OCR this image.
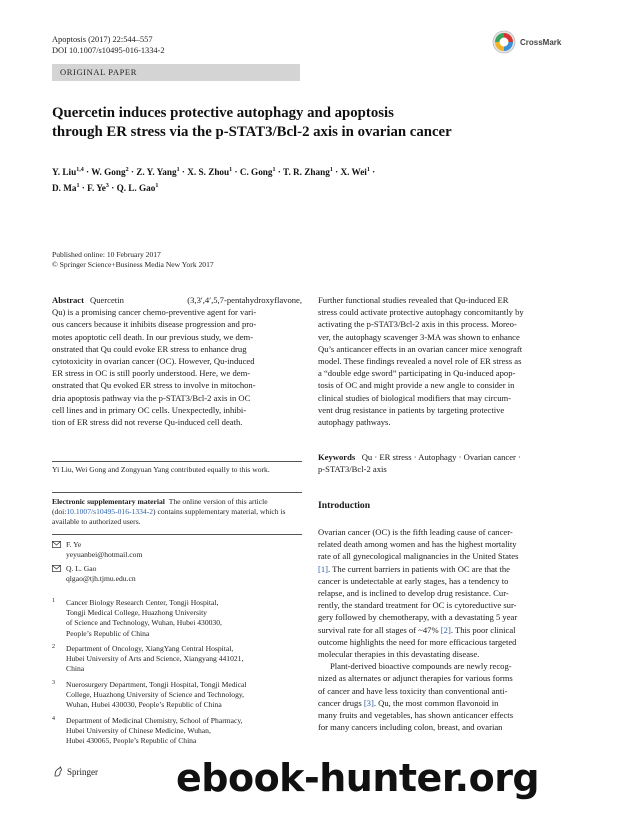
Apoptosis (2017) 22:544–557
DOI 10.1007/s10495-016-1334-2
CrossMark
ORIGINAL PAPER
Quercetin induces protective autophagy and apoptosis
through ER stress via the p-STAT3/Bcl-2 axis in ovarian cancer
Y. Liu$^{1,4}$ · W. Gong$^2$ · Z. Y. Yang$^1$ · X. S. Zhou$^1$ · C. Gong$^1$ · T. R. Zhang$^1$ · X. Wei$^1$ ·
D. $Ma^1 \cdot F$. $Ye^3 \cdot Q$. L. Gao$^1$
Published online: 10 February 2017
© Springer Science+Business Media New York 2017
Abstract Quercetin	(3,3′,4′,5,7-pentahydroxyflavone,
Qu) is a promising cancer chemo-preventive agent for vari-
ous cancers because it inhibits disease progression and pro-
motes apoptotic cell death. In our previous study, we dem-
onstrated that Qu could evoke ER stress to enhance drug
cytotoxicity in ovarian cancer (OC). However, Qu-induced
ER stress in OC is still poorly understood. Here, we dem-
onstrated that Qu evoked ER stress to involve in mitochon-
dria apoptosis pathway via the p-STAT3/Bcl-2 axis in OC
cell lines and in primary OC cells. Unexpectedly, inhibi-
tion of ER stress did not reverse Qu-induced cell death.
Further functional studies revealed that Qu-induced ER
stress could activate protective autophagy concomitantly by
activating the p-STAT3/Bcl-2 axis in this process. Moreo-
ver, the autophagy scavenger 3-MA was shown to enhance
Qu’s anticancer effects in an ovarian cancer mice xenograft
model. These findings revealed a novel role of ER stress as
a “double edge sword” participating in Qu-induced apop-
tosis of OC and might provide a new angle to consider in
clinical studies of biological modifiers that may circum-
vent drug resistance in patients by targeting protective
autophagy pathways.
Keywords Qu · ER stress · Autophagy · Ovarian cancer ·
p-STAT3/Bcl-2 axis
Introduction
Ovarian cancer (OC) is the fifth leading cause of cancer-
related death among women and has the highest mortality
rate of all gynecological malignancies in the United States
[1]. The current barriers in patients with OC are that the
cancer is undetectable at early stages, has a tendency to
relapse, and is inclined to develop drug resistance. Cur-
rently, the standard treatment for OC is cytoreductive sur-
gery followed by chemotherapy, with a devastating 5 year
survival rate for all stages of ~47% [2]. This poor clinical
outcome highlights the need for more efficacious targeted
molecular therapies in this devastating disease.
Plant-derived bioactive compounds are newly recog-
nized as alternates or adjunct therapies for various forms
of cancer and have less toxicity than conventional anti-
cancer drugs [3]. Qu, the most common flavonoid in
many fruits and vegetables, has shown anticancer effects
for many cancers including colon, breast, and ovarian
Yi Liu, Wei Gong and Zongyuan Yang contributed equally to this work.
Electronic supplementary material The online version of this article (doi:10.1007/s10495-016-1334-2) contains supplementary material, which is available to authorized users.
F. Ye
yeyuanbei@hotmail.com
Q. L. Gao
qlgao@tjh.tjmu.edu.cn
1 Cancer Biology Research Center, Tongji Hospital,
Tongji Medical College, Huazhong University
of Science and Technology, Wuhan, Hubei 430030,
People’s Republic of China
2 Department of Oncology, XiangYang Central Hospital,
Hubei University of Arts and Science, Xiangyang 441021,
China
3 Nuerosurgery Department, Tongji Hospital, Tongji Medical
College, Huazhong University of Science and Technology,
Wuhan, Hubei 430030, People’s Republic of China
4 Department of Medicinal Chemistry, School of Pharmacy,
Hubei University of Chinese Medicine, Wuhan,
Hubei 430065, People’s Republic of China
Springer ebook-hunter.org
